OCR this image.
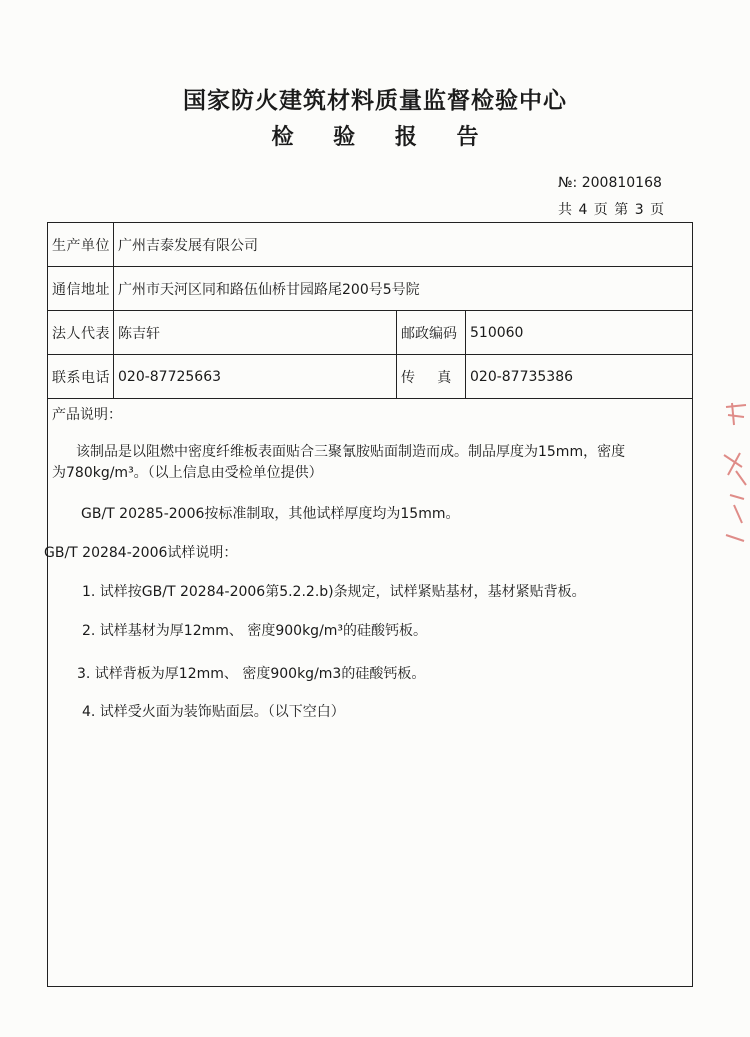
国家防火建筑材料质量监督检验中心
检 验 报 告
№: 200810168
共 4 页 第 3 页
生产单位 广州吉泰发展有限公司
通信地址 广州市天河区同和路伍仙桥甘园路尾200号5号院
法人代表 陈吉轩	邮政编码 510060
联系电话 020-87725663	传     真	020-87735386

产品说明：

该制品是以阻燃中密度纤维板表面贴合三聚氰胺贴面制造而成。制品厚度为15mm，密度

为780kg/m³。（以上信息由受检单位提供）

GB/T 20285-2006按标准制取，其他试样厚度均为15mm。

GB/T 20284-2006试样说明：

1. 试样按GB/T 20284-2006第5.2.2.b)条规定，试样紧贴基材，基材紧贴背板。

2. 试样基材为厚12mm、 密度900kg/m³的硅酸钙板。

3. 试样背板为厚12mm、 密度900kg/m3的硅酸钙板。

4. 试样受火面为装饰贴面层。（以下空白）
